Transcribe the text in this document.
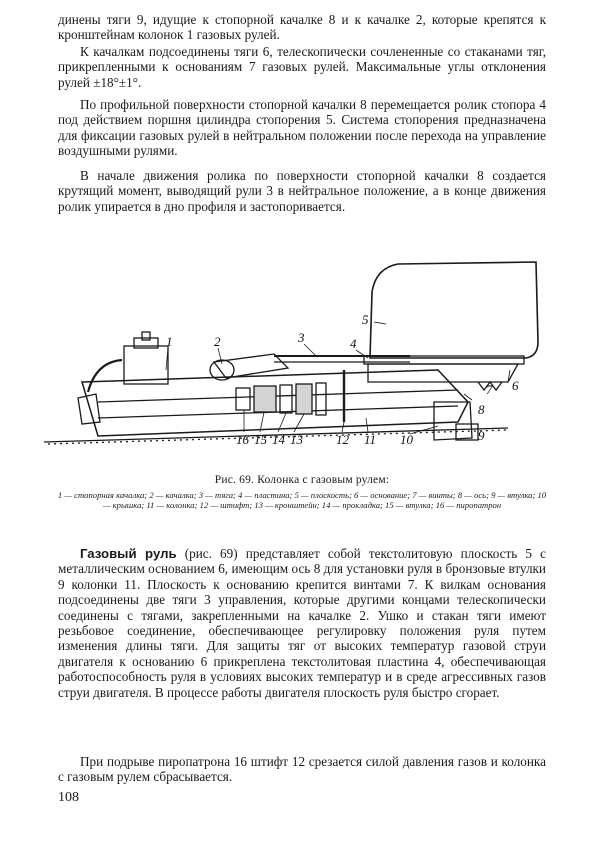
динены тяги 9, идущие к стопорной качалке 8 и к качалке 2, которые крепятся к кронштейнам колонок 1 газовых рулей.

К качалкам подсоединены тяги 6, телескопически сочлененные со стаканами тяг, прикрепленными к основаниям 7 газовых рулей. Максимальные углы отклонения рулей ±18°±1°.

По профильной поверхности стопорной качалки 8 перемещается ролик стопора 4 под действием поршня цилиндра стопорения 5. Система стопорения предназначена для фиксации газовых рулей в нейтральном положении после перехода на управление воздушными рулями.

В начале движения ролика по поверхности стопорной качалки 8 создается крутящий момент, выводящий рули 3 в нейтральное положение, а в конце движения ролик упирается в дно профиля и застопоривается.

1	2	3	4
5
6
7
8
9
10
11
12
13
14
15
16
Рис. 69. Колонка с газовым рулем:
1 — стопорная качалка; 2 — качалка; 3 — тяга; 4 — пластина; 5 — плоскость; 6 — основание; 7 — винты; 8 — ось; 9 — втулка; 10 — крышка; 11 — колонка; 12 — штифт; 13 — кронштейн; 14 — прокладка; 15 — втулка; 16 — пиропатрон

Газовый руль (рис. 69) представляет собой текстолитовую плоскость 5 с металлическим основанием 6, имеющим ось 8 для установки руля в бронзовые втулки 9 колонки 11. Плоскость к основанию крепится винтами 7. К вилкам основания подсоединены две тяги 3 управления, которые другими концами телескопически соединены с тягами, закрепленными на качалке 2. Ушко и стакан тяги имеют резьбовое соединение, обеспечивающее регулировку положения руля путем изменения длины тяги. Для защиты тяг от высоких температур газовой струи двигателя к основанию 6 прикреплена текстолитовая пластина 4, обеспечивающая работоспособность руля в условиях высоких температур и в среде агрессивных газов струи двигателя. В процессе работы двигателя плоскость руля быстро сгорает.

При подрыве пиропатрона 16 штифт 12 срезается силой давления газов и колонка с газовым рулем сбрасывается.

108
